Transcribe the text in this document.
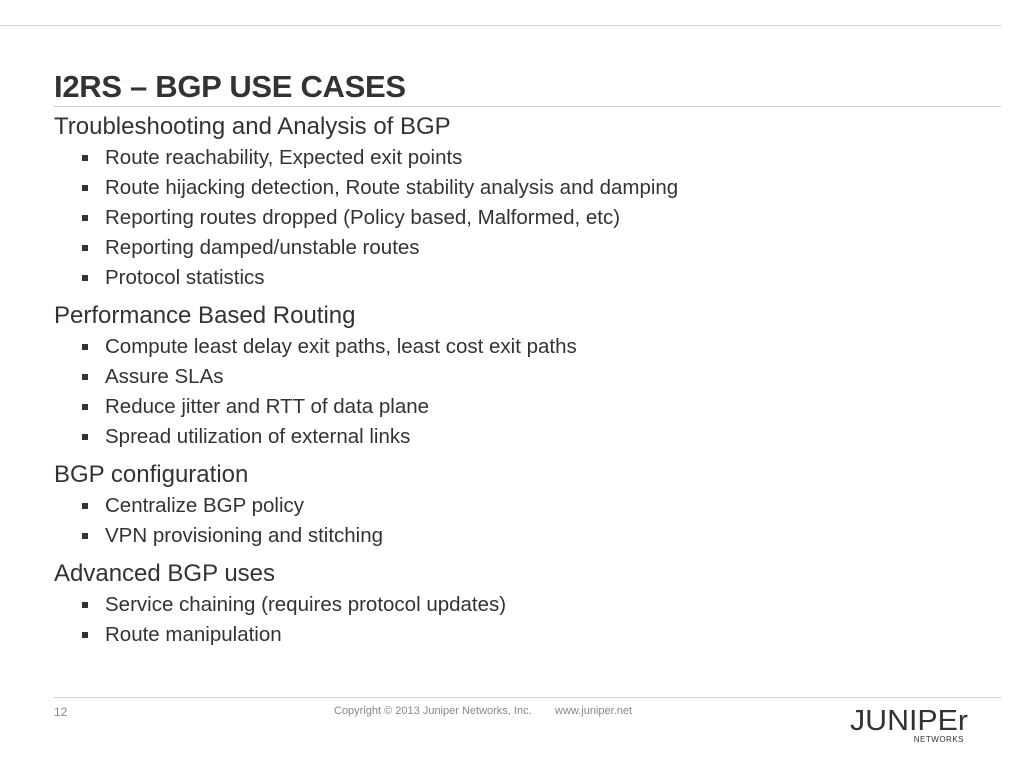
I2RS – BGP USE CASES
Troubleshooting and Analysis of BGP
Route reachability, Expected exit points
Route hijacking detection, Route stability analysis and damping
Reporting routes dropped (Policy based, Malformed, etc)
Reporting damped/unstable routes
Protocol statistics
Performance Based Routing
Compute least delay exit paths, least cost exit paths
Assure SLAs
Reduce jitter and RTT of data plane
Spread utilization of external links
BGP configuration
Centralize BGP policy
VPN provisioning and stitching
Advanced BGP uses
Service chaining (requires protocol updates)
Route manipulation
12	Copyright © 2013 Juniper Networks, Inc. www.juniper.net	JUNIPEr
NETWORKS
